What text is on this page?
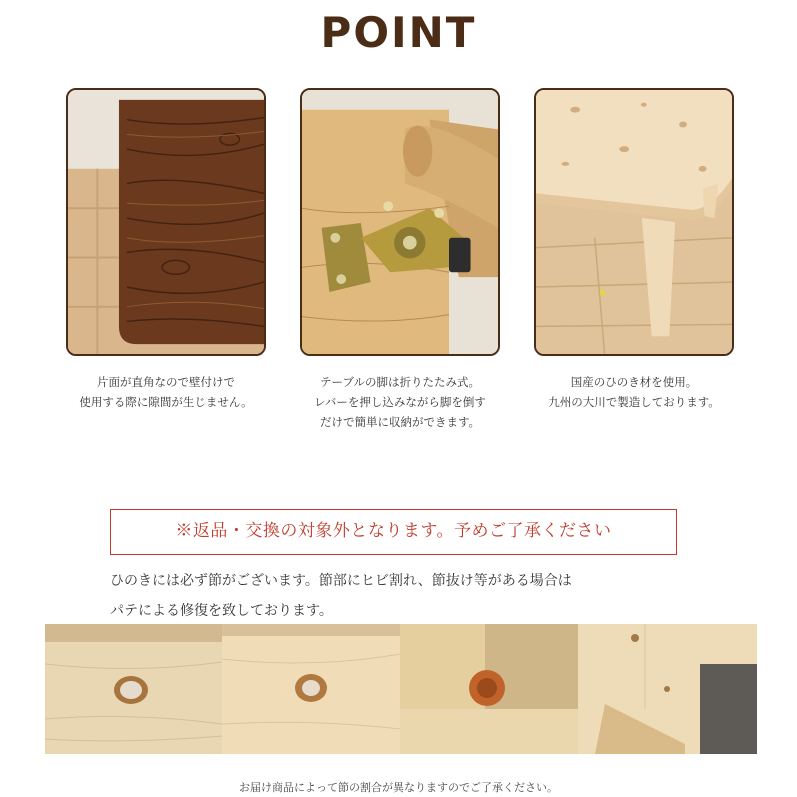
POINT
片面が直角なので壁付けで
使用する際に隙間が生じません。
テーブルの脚は折りたたみ式。
レバーを押し込みながら脚を倒す
だけで簡単に収納ができます。
国産のひのき材を使用。
九州の大川で製造しております。
※返品・交換の対象外となります。予めご了承ください
ひのきには必ず節がございます。節部にヒビ割れ、節抜け等がある場合は
パテによる修復を致しております。
お届け商品によって節の割合が異なりますのでご了承ください。
